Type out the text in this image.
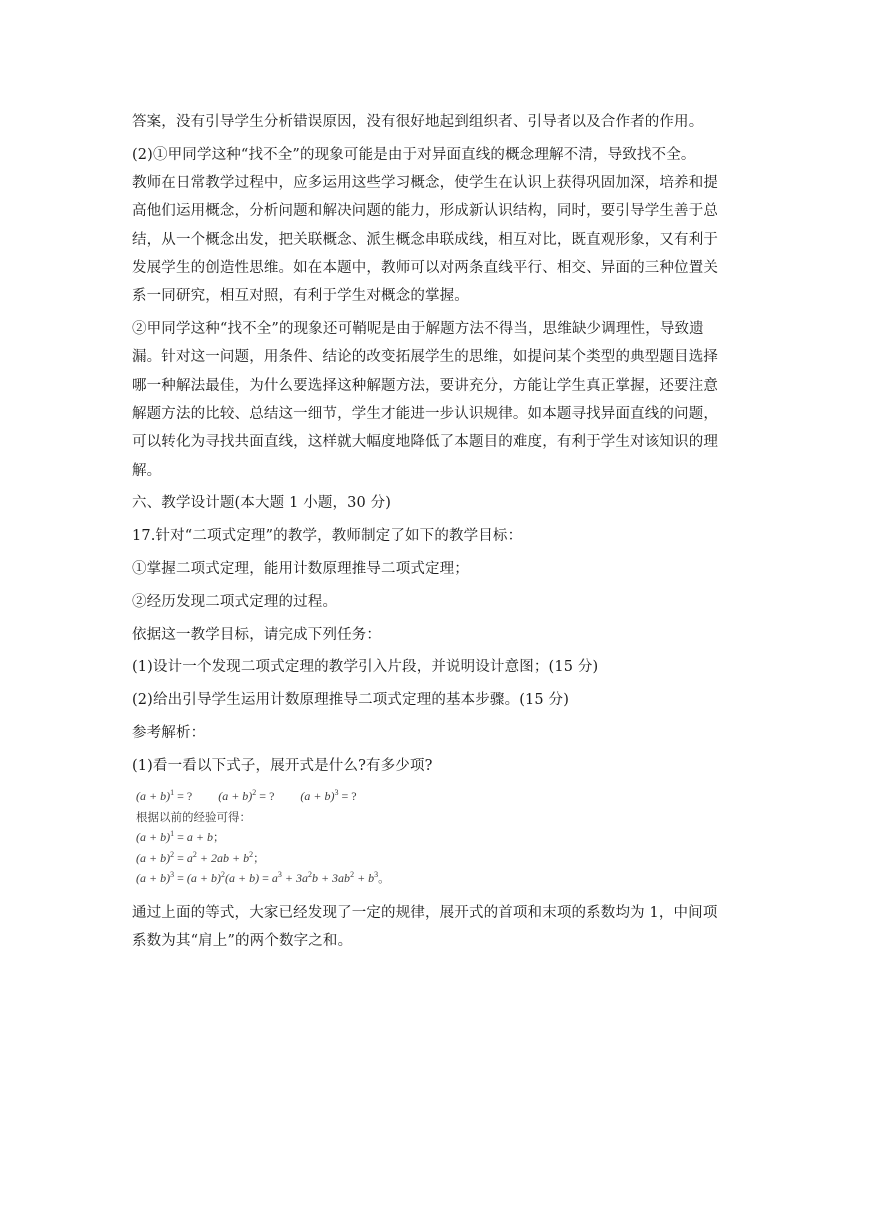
答案，没有引导学生分析错误原因，没有很好地起到组织者、引导者以及合作者的作用。

(2)①甲同学这种“找不全”的现象可能是由于对异面直线的概念理解不清，导致找不全。
教师在日常教学过程中，应多运用这些学习概念，使学生在认识上获得巩固加深，培养和提
高他们运用概念，分析问题和解决问题的能力，形成新认识结构，同时，要引导学生善于总
结，从一个概念出发，把关联概念、派生概念串联成线，相互对比，既直观形象，又有利于
发展学生的创造性思维。如在本题中，教师可以对两条直线平行、相交、异面的三种位置关
系一同研究，相互对照，有利于学生对概念的掌握。

②甲同学这种“找不全”的现象还可鞘呢是由于解题方法不得当，思维缺少调理性，导致遗
漏。针对这一问题，用条件、结论的改变拓展学生的思维，如提问某个类型的典型题目选择
哪一种解法最佳，为什么要选择这种解题方法，要讲充分，方能让学生真正掌握，还要注意
解题方法的比较、总结这一细节，学生才能进一步认识规律。如本题寻找异面直线的问题，
可以转化为寻找共面直线，这样就大幅度地降低了本题目的难度，有利于学生对该知识的理
解。

六、教学设计题(本大题 1 小题，30 分)

17.针对“二项式定理”的教学，教师制定了如下的教学目标：

①掌握二项式定理，能用计数原理推导二项式定理；

②经历发现二项式定理的过程。

依据这一教学目标，请完成下列任务：

(1)设计一个发现二项式定理的教学引入片段，并说明设计意图；(15 分)

(2)给出引导学生运用计数原理推导二项式定理的基本步骤。(15 分)

参考解析：

(1)看一看以下式子，展开式是什么?有多少项?

$(a + b)^1$ = ? $(a + b)^2$ = ? $(a + b)^3$ = ?
根据以前的经验可得：
$(a + b)^1 = a + b$；
$(a + b)^2 = a^2 + 2ab + b^2$；
$(a + b)^3 = (a + b)^2(a + b) = a^3 + 3a^2b + 3ab^2 + b^3$。

通过上面的等式，大家已经发现了一定的规律，展开式的首项和末项的系数均为 1，中间项
系数为其“肩上”的两个数字之和。
